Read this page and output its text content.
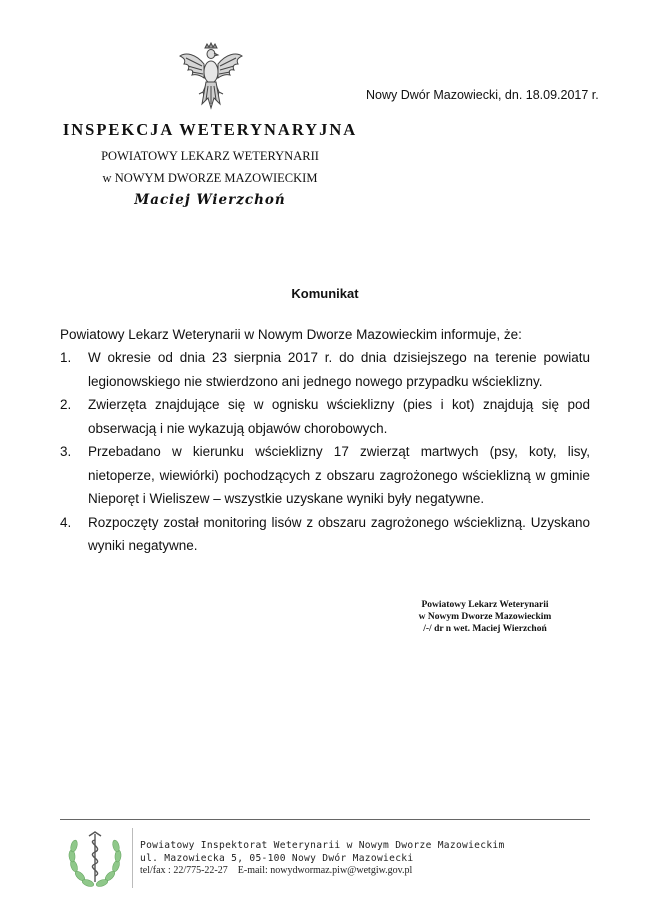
Nowy Dwór Mazowiecki, dn. 18.09.2017 r.
INSPEKCJA WETERYNARYJNA
POWIATOWY LEKARZ WETERYNARII
w NOWYM DWORZE MAZOWIECKIM
Maciej Wierzchoń
Komunikat
Powiatowy Lekarz Weterynarii w Nowym Dworze Mazowieckim informuje, że:
1.	W okresie od dnia 23 sierpnia 2017 r. do dnia dzisiejszego na terenie powiatu
legionowskiego nie stwierdzono ani jednego nowego przypadku wścieklizny.
2.	Zwierzęta znajdujące się w ognisku wścieklizny (pies i kot) znajdują się pod
obserwacją i nie wykazują objawów chorobowych.
3.	Przebadano w kierunku wścieklizny 17 zwierząt martwych (psy, koty, lisy,
nietoperze, wiewiórki) pochodzących z obszaru zagrożonego wścieklizną w gminie
Nieporęt i Wieliszew – wszystkie uzyskane wyniki były negatywne.
4.	Rozpoczęty został monitoring lisów z obszaru zagrożonego wścieklizną. Uzyskano
wyniki negatywne.
Powiatowy Lekarz Weterynarii
w Nowym Dworze Mazowieckim
/-/ dr n wet. Maciej Wierzchoń
Powiatowy Inspektorat Weterynarii w Nowym Dworze Mazowieckim
ul. Mazowiecka 5, 05-100 Nowy Dwór Mazowiecki
tel/fax : 22/775-22-27 E-mail: nowydwormaz.piw@wetgiw.gov.pl
